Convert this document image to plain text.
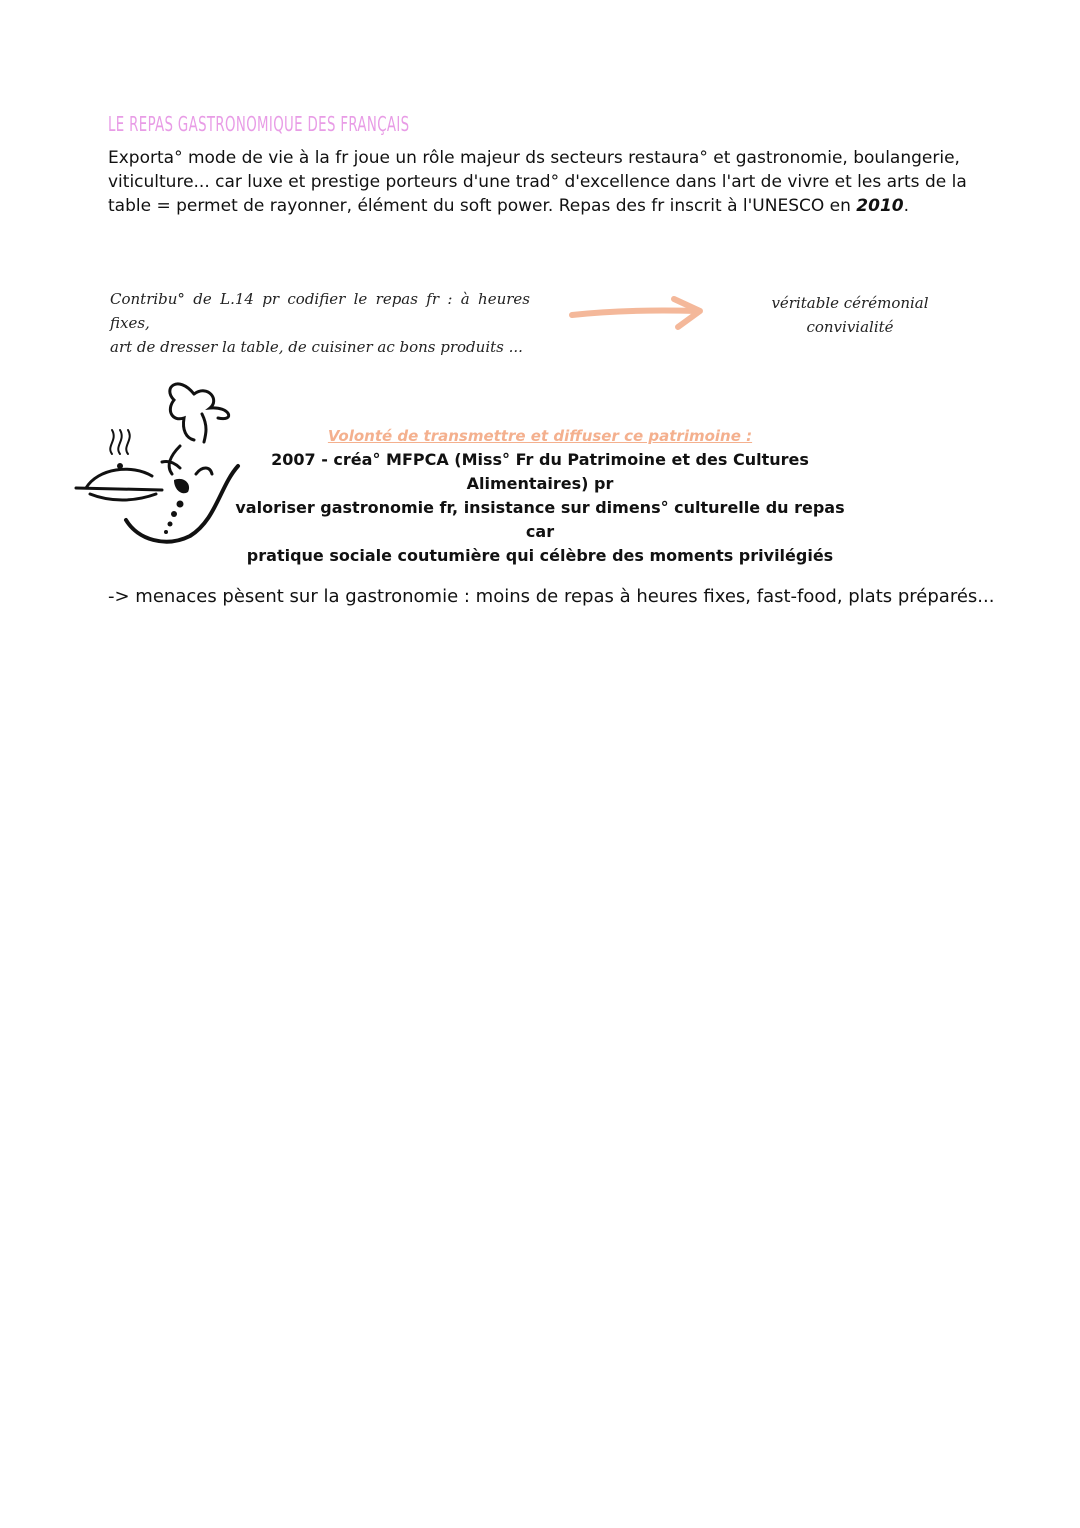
LE REPAS GASTRONOMIQUE DES FRANÇAIS

Exporta° mode de vie à la fr joue un rôle majeur ds secteurs restaura° et gastronomie, boulangerie, viticulture... car luxe et prestige porteurs d'une trad° d'excellence dans l'art de vivre et les arts de la table = permet de rayonner, élément du soft power. Repas des fr inscrit à l'UNESCO en 2010.

Contribu° de L.14 pr codifier le repas fr : à heures fixes,
art de dresser la table, de cuisiner ac bons produits ...

véritable cérémonial
convivialité

Volonté de transmettre et diffuser ce patrimoine :

2007 - créa° MFPCA (Miss° Fr du Patrimoine et des Cultures Alimentaires) pr

valoriser gastronomie fr, insistance sur dimens° culturelle du repas car

pratique sociale coutumière qui célèbre des moments privilégiés

-> menaces pèsent sur la gastronomie : moins de repas à heures fixes, fast-food, plats préparés...
